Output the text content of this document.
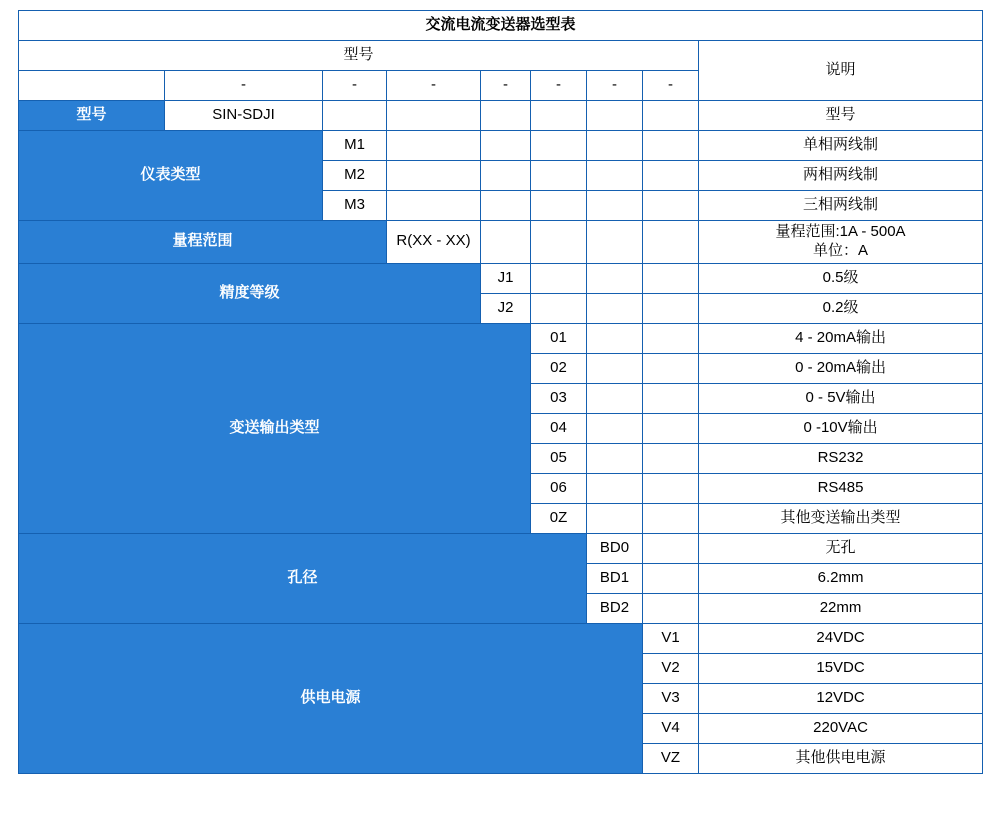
交流电流变送器选型表								
型号								说明
	-	-	-	-	-	-	-	
型号	SIN-SDJI							型号
仪表类型		M1						单相两线制
		M2						两相两线制
		M3						三相两线制
量程范围			R(XX - XX)					量程范围:1A - 500A
单位：A
精度等级				J1				0.5级
				J2				0.2级
变送输出类型					01			4 - 20mA输出
					02			0 - 20mA输出
					03			0 - 5V输出
					04			0 -10V输出
					05			RS232
					06			RS485
					0Z			其他变送输出类型
孔径						BD0		无孔
						BD1		6.2mm
						BD2		22mm
供电电源							V1	24VDC
							V2	15VDC
							V3	12VDC
							V4	220VAC
							VZ	其他供电电源
